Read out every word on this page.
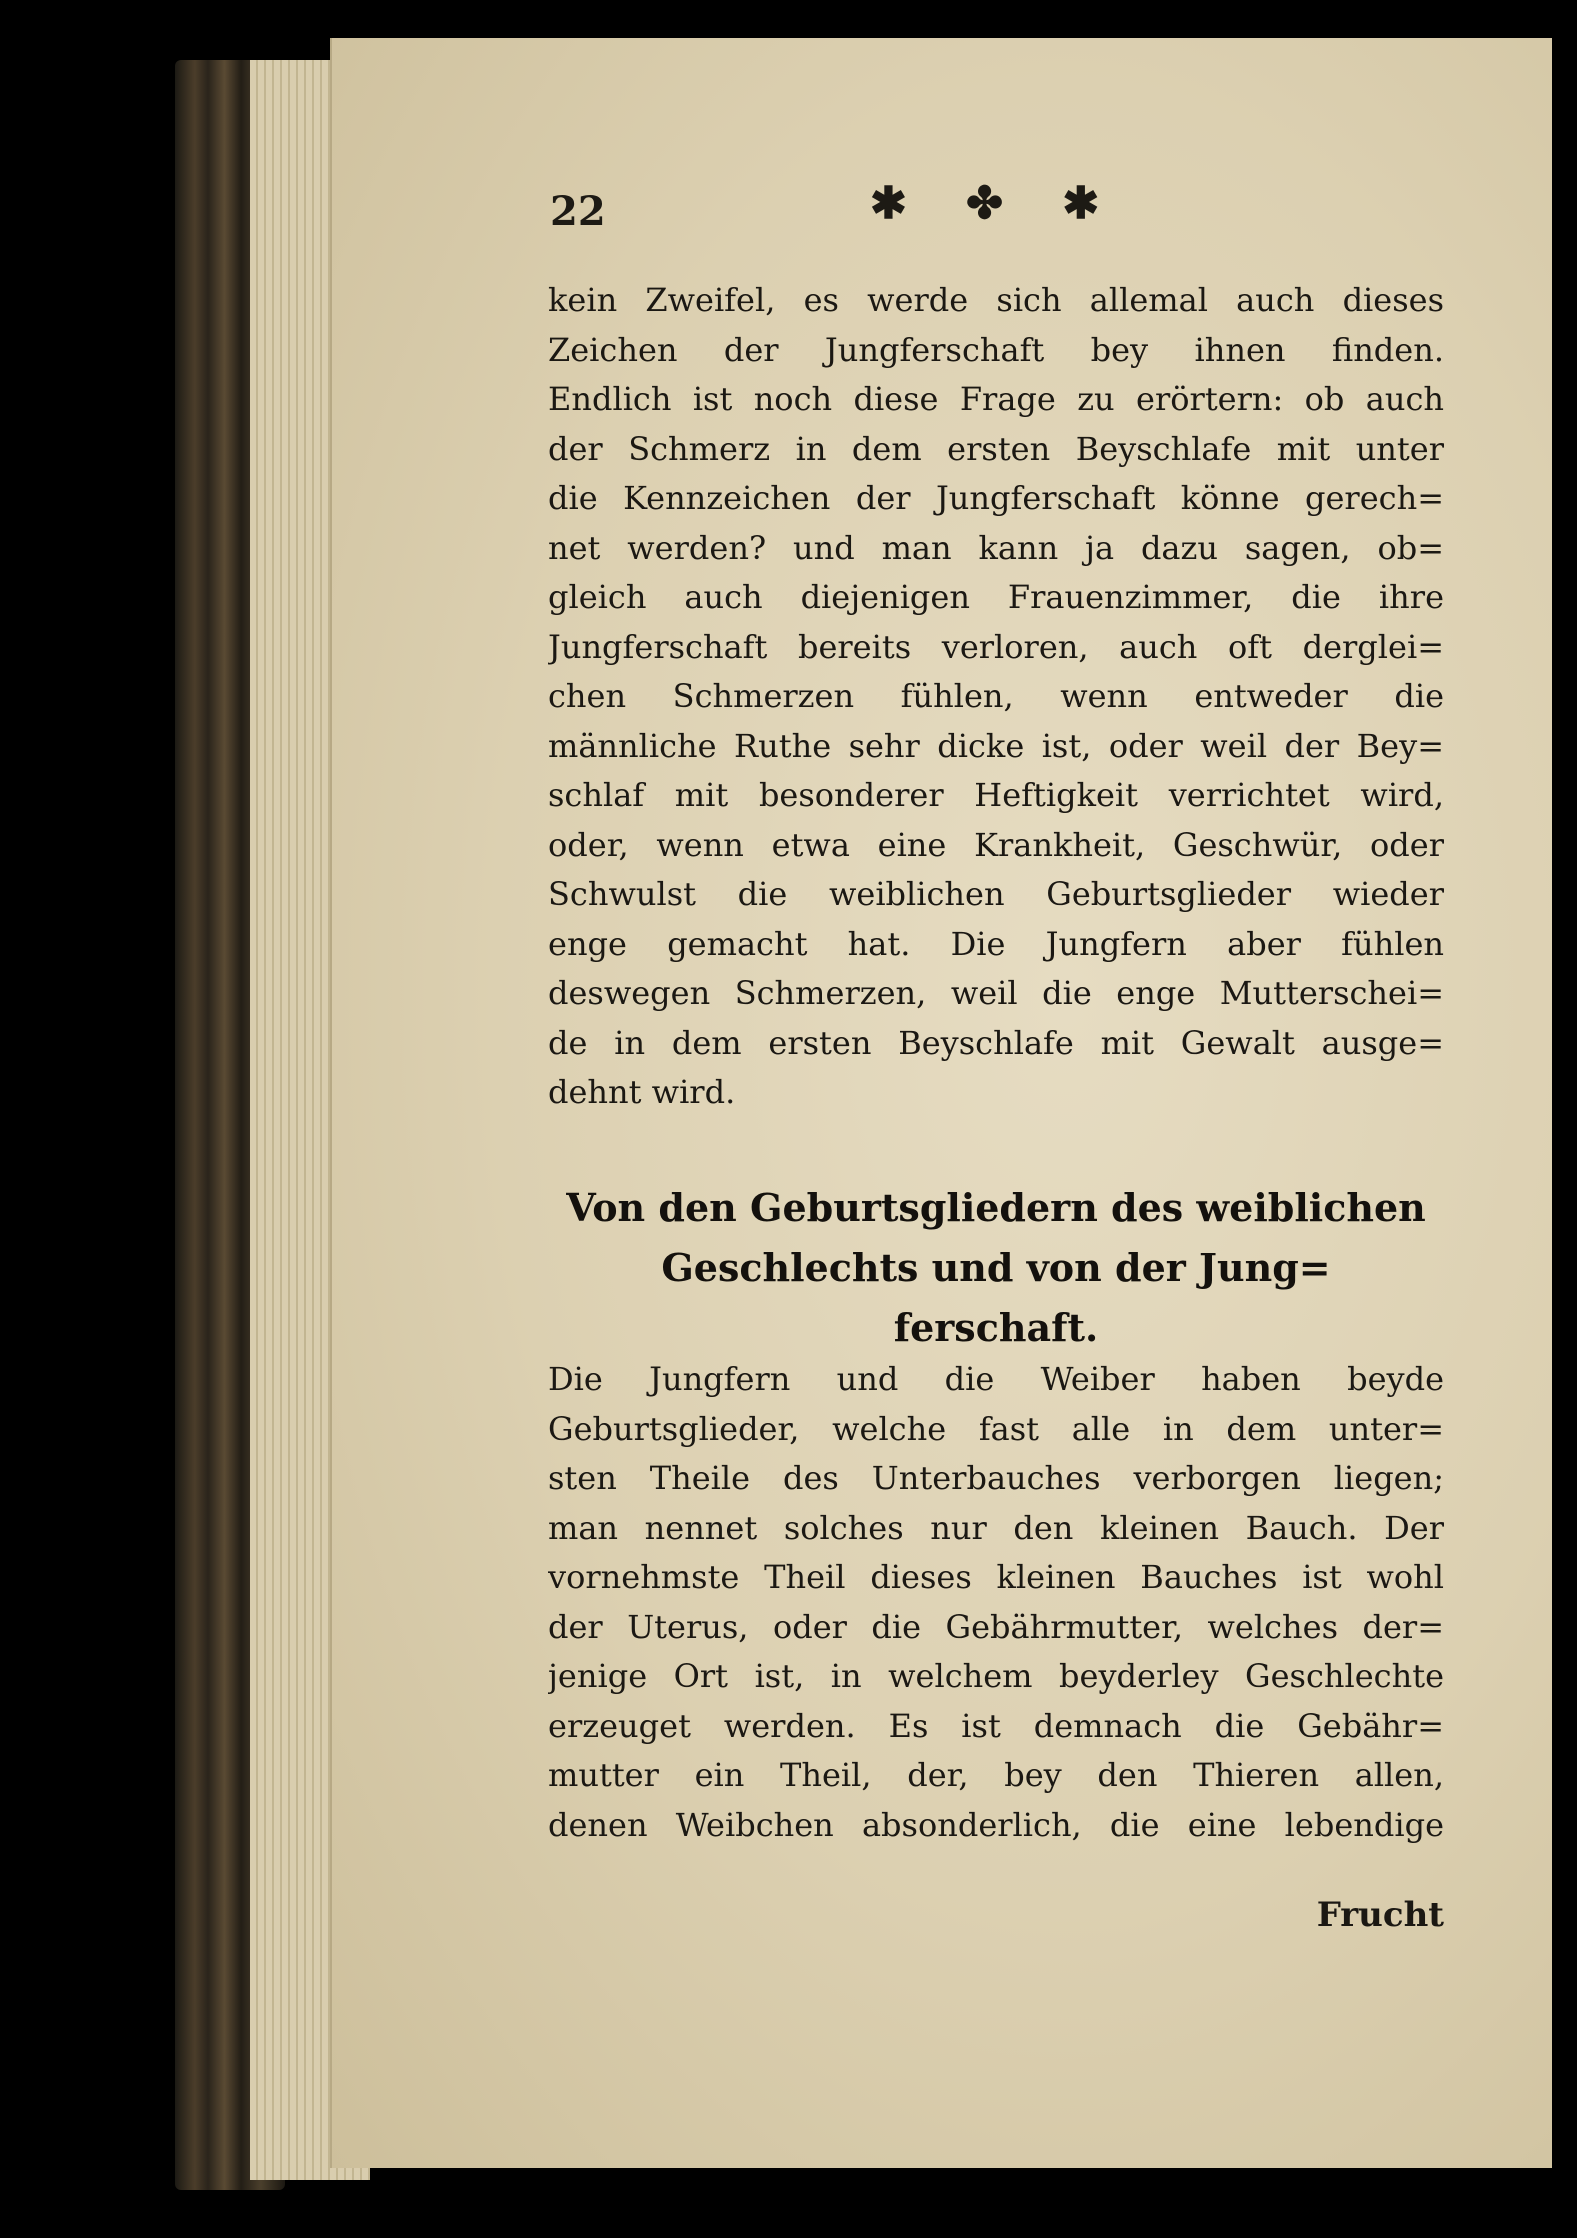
22	✱ ✤ ✱
kein Zweifel, es werde sich allemal auch dieses
Zeichen der Jungferschaft bey ihnen finden.
Endlich ist noch diese Frage zu erörtern: ob auch
der Schmerz in dem ersten Beyschlafe mit unter
die Kennzeichen der Jungferschaft könne gerech=
net werden? und man kann ja dazu sagen, ob=
gleich auch diejenigen Frauenzimmer, die ihre
Jungferschaft bereits verloren, auch oft derglei=
chen Schmerzen fühlen, wenn entweder die
männliche Ruthe sehr dicke ist, oder weil der Bey=
schlaf mit besonderer Heftigkeit verrichtet wird,
oder, wenn etwa eine Krankheit, Geschwür, oder
Schwulst die weiblichen Geburtsglieder wieder
enge gemacht hat. Die Jungfern aber fühlen
deswegen Schmerzen, weil die enge Mutterschei=
de in dem ersten Beyschlafe mit Gewalt ausge=
dehnt wird.
Von den Geburtsgliedern des weiblichen
Geschlechts und von der Jung=
ferschaft.
Die Jungfern und die Weiber haben beyde
Geburtsglieder, welche fast alle in dem unter=
sten Theile des Unterbauches verborgen liegen;
man nennet solches nur den kleinen Bauch. Der
vornehmste Theil dieses kleinen Bauches ist wohl
der Uterus, oder die Gebährmutter, welches der=
jenige Ort ist, in welchem beyderley Geschlechte
erzeuget werden. Es ist demnach die Gebähr=
mutter ein Theil, der, bey den Thieren allen,
denen Weibchen absonderlich, die eine lebendige
Frucht
